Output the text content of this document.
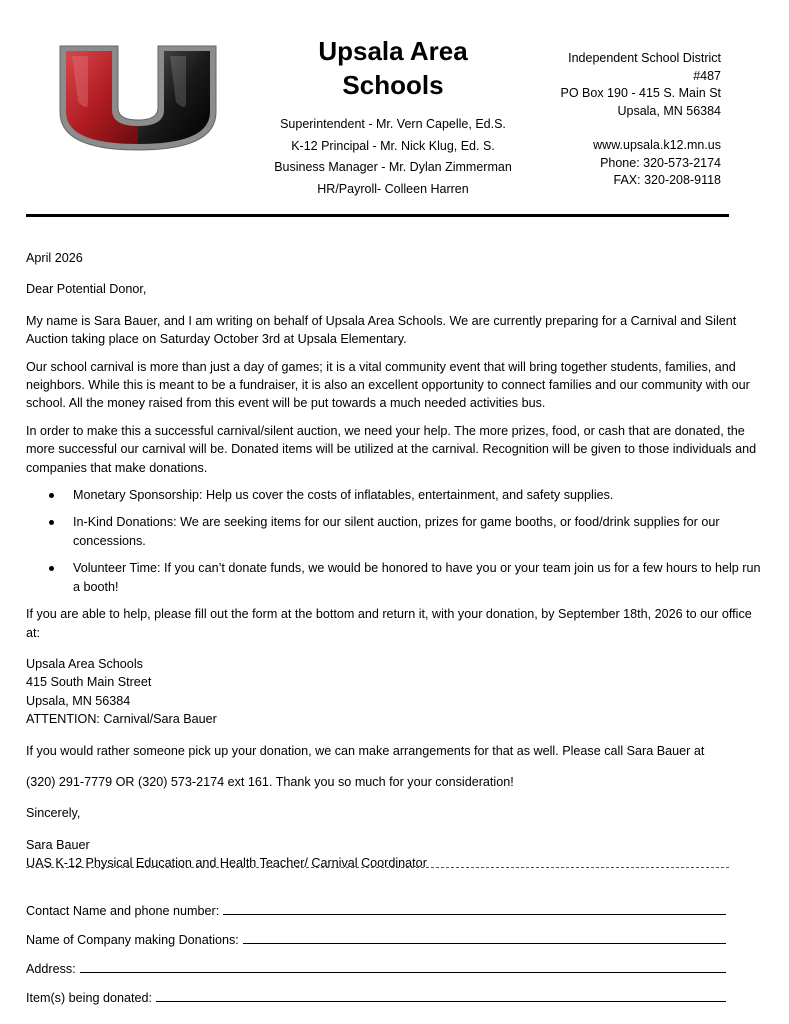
Upsala Area
Schools
Superintendent - Mr. Vern Capelle, Ed.S.
K-12 Principal - Mr. Nick Klug, Ed. S.
Business Manager - Mr. Dylan Zimmerman
HR/Payroll- Colleen Harren
Independent School District
#487
PO Box 190 - 415 S. Main St
Upsala, MN 56384
www.upsala.k12.mn.us
Phone: 320-573-2174
FAX: 320-208-9118

April 2026

Dear Potential Donor,

My name is Sara Bauer, and I am writing on behalf of Upsala Area Schools. We are currently preparing for a Carnival and Silent Auction taking place on Saturday October 3rd at Upsala Elementary.

Our school carnival is more than just a day of games; it is a vital community event that will bring together students, families, and neighbors. While this is meant to be a fundraiser, it is also an excellent opportunity to connect families and our community with our school. All the money raised from this event will be put towards a much needed activities bus.

In order to make this a successful carnival/silent auction, we need your help. The more prizes, food, or cash that are donated, the more successful our carnival will be. Donated items will be utilized at the carnival. Recognition will be given to those individuals and companies that make donations.

Monetary Sponsorship: Help us cover the costs of inflatables, entertainment, and safety supplies.
In-Kind Donations: We are seeking items for our silent auction, prizes for game booths, or food/drink supplies for our concessions.
Volunteer Time: If you can’t donate funds, we would be honored to have you or your team join us for a few hours to help run a booth!

If you are able to help, please fill out the form at the bottom and return it, with your donation, by September 18th, 2026 to our office at:

Upsala Area Schools
415 South Main Street
Upsala, MN 56384
ATTENTION: Carnival/Sara Bauer

If you would rather someone pick up your donation, we can make arrangements for that as well. Please call Sara Bauer at

(320) 291-7779 OR (320) 573-2174 ext 161. Thank you so much for your consideration!

Sincerely,

Sara Bauer

UAS K-12 Physical Education and Health Teacher/ Carnival Coordinator

Contact Name and phone number:
Name of Company making Donations:
Address:
Item(s) being donated:
